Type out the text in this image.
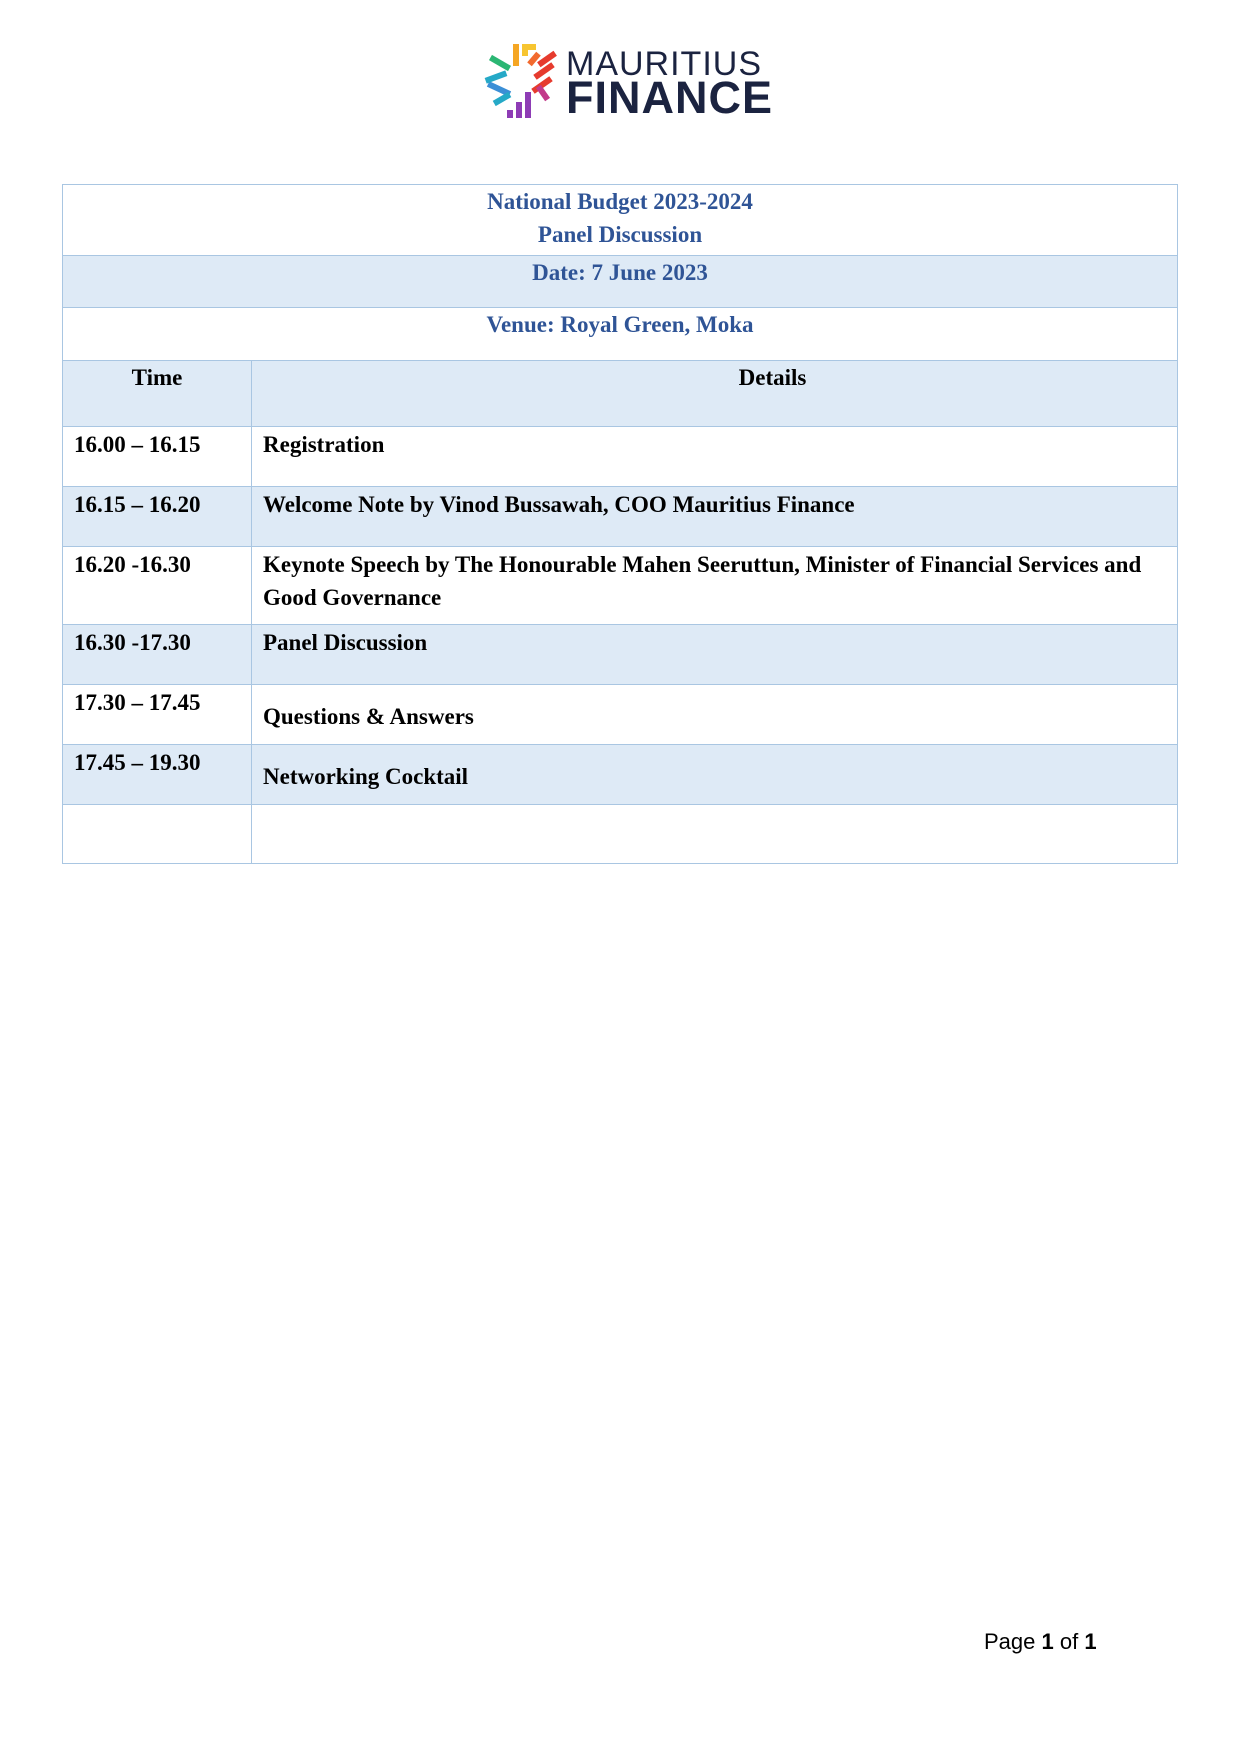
MAURITIUS
FINANCE
National Budget 2023-2024
Panel Discussion	

Date: 7 June 2023	
Venue: Royal Green, Moka	
Time	Details
16.00 – 16.15	Registration
16.15 – 16.20	Welcome Note by Vinod Bussawah, COO Mauritius Finance
16.20 -16.30	Keynote Speech by The Honourable Mahen Seeruttun, Minister of Financial Services and Good Governance
16.30 -17.30	Panel Discussion
17.30 – 17.45	Questions & Answers
17.45 – 19.30	Networking Cocktail

Page 1 of 1
